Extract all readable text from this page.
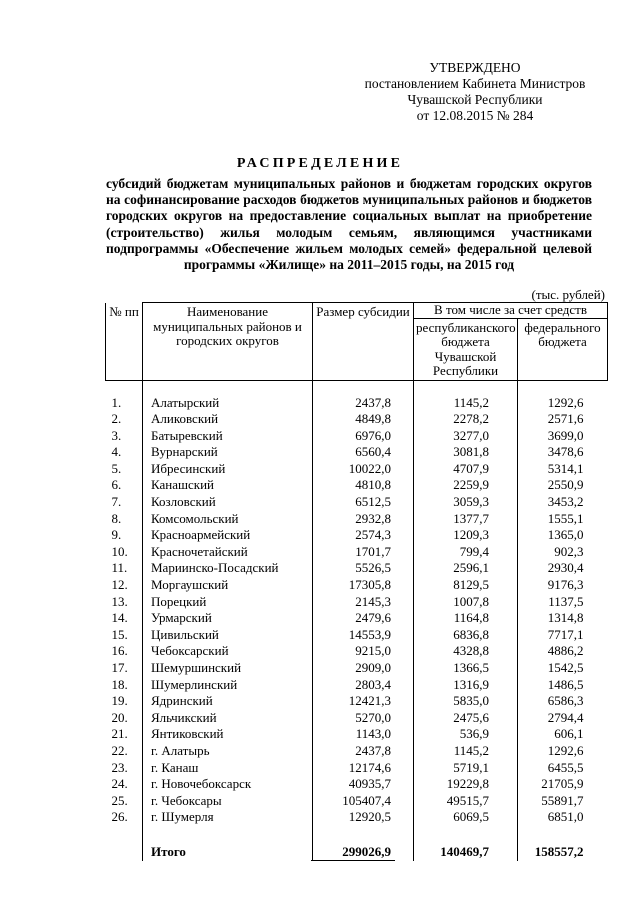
УТВЕРЖДЕНО
постановлением Кабинета Министров
Чувашской Республики
от 12.08.2015 № 284
РАСПРЕДЕЛЕНИЕ
субсидий бюджетам муниципальных районов и бюджетам городских округов на софинансирование расходов бюджетов муниципальных районов и бюджетов городских округов на предоставление социальных выплат на приобретение (строительство) жилья молодым семьям, являющимся участниками подпрограммы «Обеспечение жильем молодых семей» федеральной целевой программы «Жилище» на 2011–2015 годы, на 2015 год
(тыс. рублей)
№ пп	Наименование муниципальных районов и городских округов	Размер субсидии	В том числе за счет средств	
			республиканского бюджета Чувашской Республики	федерального бюджета

1.	Алатырский	2437,8	1145,2	1292,6
2.	Аликовский	4849,8	2278,2	2571,6
3.	Батыревский	6976,0	3277,0	3699,0
4.	Вурнарский	6560,4	3081,8	3478,6
5.	Ибресинский	10022,0	4707,9	5314,1
6.	Канашский	4810,8	2259,9	2550,9
7.	Козловский	6512,5	3059,3	3453,2
8.	Комсомольский	2932,8	1377,7	1555,1
9.	Красноармейский	2574,3	1209,3	1365,0
10.	Красночетайский	1701,7	799,4	902,3
11.	Мариинско-Посадский	5526,5	2596,1	2930,4
12.	Моргаушский	17305,8	8129,5	9176,3
13.	Порецкий	2145,3	1007,8	1137,5
14.	Урмарский	2479,6	1164,8	1314,8
15.	Цивильский	14553,9	6836,8	7717,1
16.	Чебоксарский	9215,0	4328,8	4886,2
17.	Шемуршинский	2909,0	1366,5	1542,5
18.	Шумерлинский	2803,4	1316,9	1486,5
19.	Ядринский	12421,3	5835,0	6586,3
20.	Яльчикский	5270,0	2475,6	2794,4
21.	Янтиковский	1143,0	536,9	606,1
22.	г. Алатырь	2437,8	1145,2	1292,6
23.	г. Канаш	12174,6	5719,1	6455,5
24.	г. Новочебоксарск	40935,7	19229,8	21705,9
25.	г. Чебоксары	105407,4	49515,7	55891,7
26.	г. Шумерля	12920,5	6069,5	6851,0

	Итого	299026,9	140469,7	158557,2
